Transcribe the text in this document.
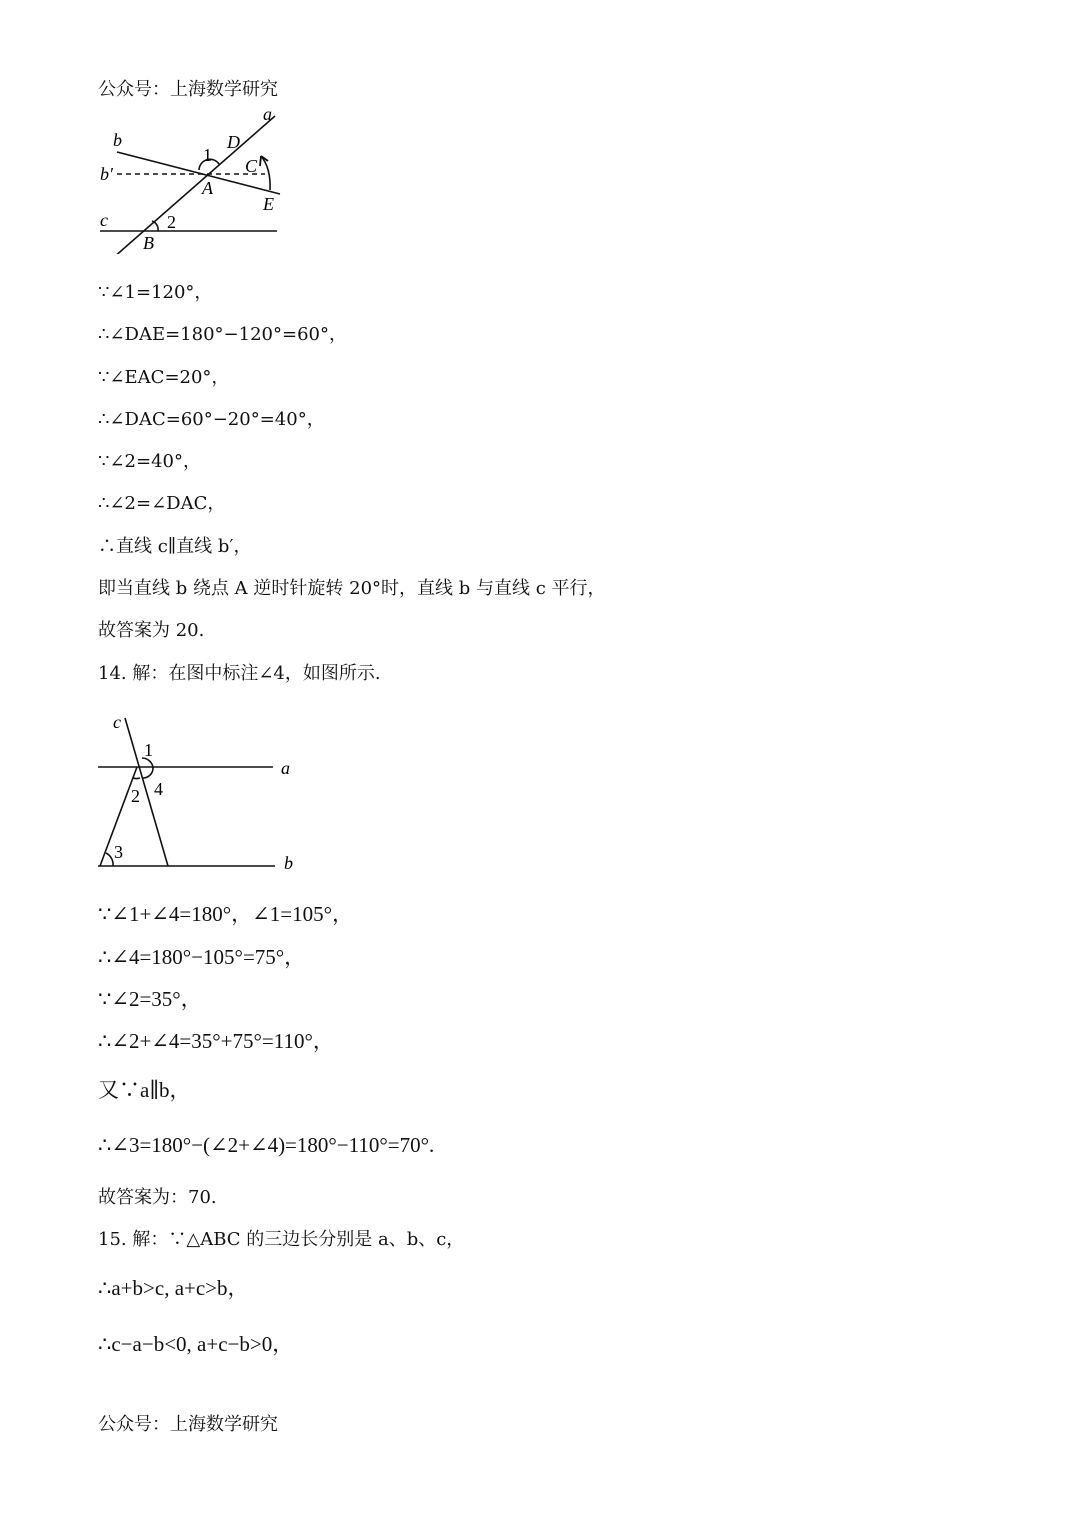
公众号：上海数学研究
a
b
b′
c
D
C
A
E
B
1
2
∵∠1=120°，
∴∠DAE=180°−120°=60°，
∵∠EAC=20°，
∴∠DAC=60°−20°=40°，
∵∠2=40°，
∴∠2=∠DAC，
∴直线 c∥直线 b′，
即当直线 b 绕点 A 逆时针旋转 20°时，直线 b 与直线 c 平行，
故答案为 20.
14. 解：在图中标注∠4，如图所示.
c
a
b
1
2
3
4
∵∠1+∠4=180°，∠1=105°，
∴∠4=180°−105°=75°，
∵∠2=35°，
∴∠2+∠4=35°+75°=110°，
又∵a∥b，
∴∠3=180°−(∠2+∠4)=180°−110°=70°.
故答案为：70.
15. 解：∵△ABC 的三边长分别是 a、b、c，
∴a+b>c, a+c>b，
∴c−a−b<0, a+c−b>0，
公众号：上海数学研究
